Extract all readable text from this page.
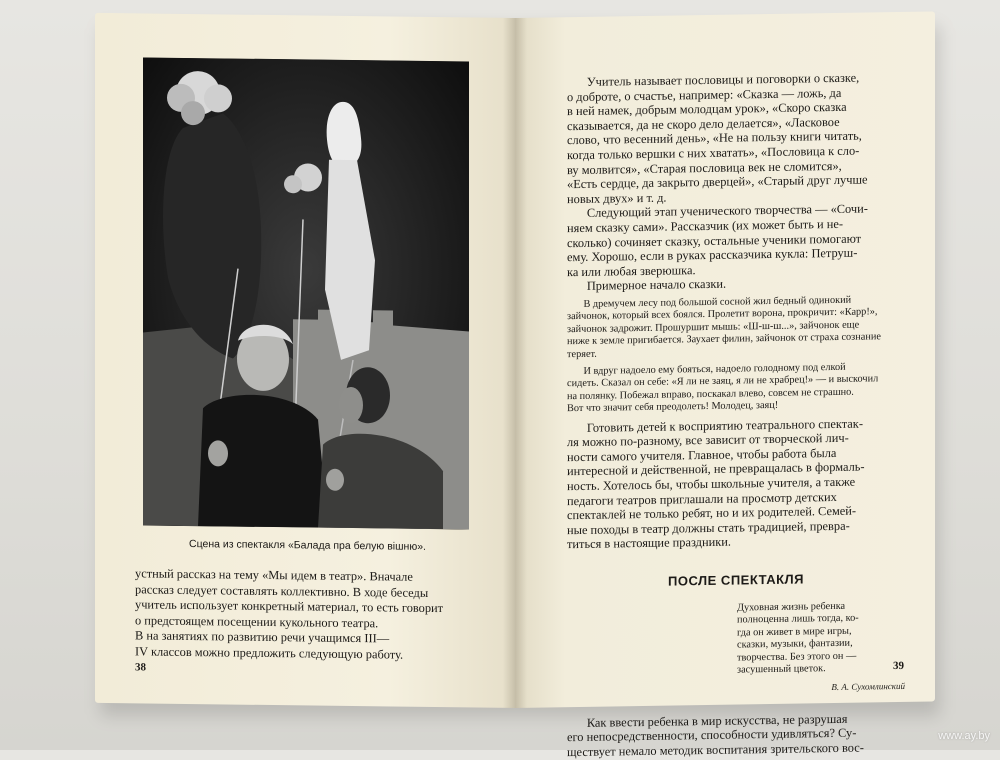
Сцена из спектакля «Балада пра белую вішню».
устный рассказ на тему «Мы идем в театр». Вначале
рассказ следует составлять коллективно. В ходе беседы
учитель использует конкретный материал, то есть говорит
о предстоящем посещении кукольного театра.
В на занятиях по развитию речи учащимся III—
IV классов можно предложить следующую работу.
38
Учитель называет пословицы и поговорки о сказке,
о доброте, о счастье, например: «Сказка — ложь, да
в ней намек, добрым молодцам урок», «Скоро сказка
сказывается, да не скоро дело делается», «Ласковое
слово, что весенний день», «Не на пользу книги читать,
когда только вершки с них хватать», «Пословица к сло-
ву молвится», «Старая пословица век не сломится»,
«Есть сердце, да закрыто дверцей», «Старый друг лучше
новых двух» и т. д.
Следующий этап ученического творчества — «Сочи-
няем сказку сами». Рассказчик (их может быть и не-
сколько) сочиняет сказку, остальные ученики помогают
ему. Хорошо, если в руках рассказчика кукла: Петруш-
ка или любая зверюшка.
Примерное начало сказки.
В дремучем лесу под большой сосной жил бедный одинокий
зайчонок, который всех боялся. Пролетит ворона, прокричит: «Карр!»,
зайчонок задрожит. Прошуршит мышь: «Ш-ш-ш...», зайчонок еще
ниже к земле пригибается. Заухает филин, зайчонок от страха сознание
теряет.
И вдруг надоело ему бояться, надоело голодному под елкой
сидеть. Сказал он себе: «Я ли не заяц, я ли не храбрец!» — и выскочил
на полянку. Побежал вправо, поскакал влево, совсем не страшно.
Вот что значит себя преодолеть! Молодец, заяц!
Готовить детей к восприятию театрального спектак-
ля можно по-разному, все зависит от творческой лич-
ности самого учителя. Главное, чтобы работа была
интересной и действенной, не превращалась в формаль-
ность. Хотелось бы, чтобы школьные учителя, а также
педагоги театров приглашали на просмотр детских
спектаклей не только ребят, но и их родителей. Семей-
ные походы в театр должны стать традицией, превра-
титься в настоящие праздники.
ПОСЛЕ СПЕКТАКЛЯ
Духовная жизнь ребенка
полноценна лишь тогда, ко-
гда он живет в мире игры,
сказки, музыки, фантазии,
творчества. Без этого он —
засушенный цветок.
В. А. Сухомлинский
Как ввести ребенка в мир искусства, не разрушая
его непосредственности, способности удивляться? Су-
ществует немало методик воспитания зрительского вос-
39
www.ay.by
